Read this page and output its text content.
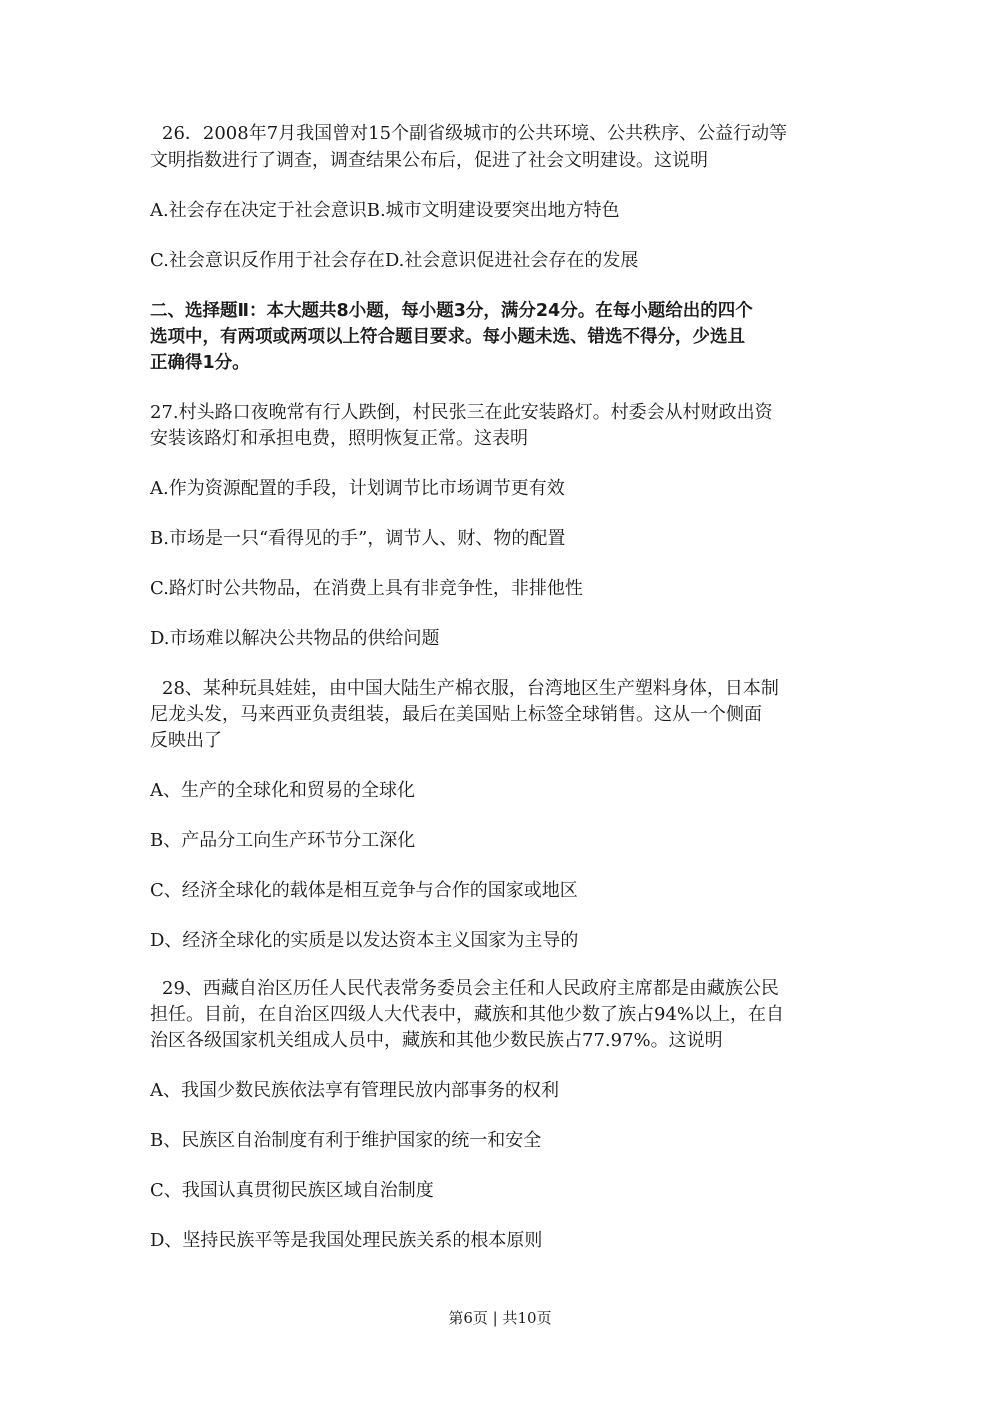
26．2008年7月我国曾对15个副省级城市的公共环境、公共秩序、公益行动等
文明指数进行了调查，调查结果公布后，促进了社会文明建设。这说明
A.社会存在决定于社会意识B.城市文明建设要突出地方特色
C.社会意识反作用于社会存在D.社会意识促进社会存在的发展
二、选择题Ⅱ：本大题共8小题，每小题3分，满分24分。在每小题给出的四个
选项中，有两项或两项以上符合题目要求。每小题未选、错选不得分，少选且
正确得1分。
27.村头路口夜晚常有行人跌倒，村民张三在此安装路灯。村委会从村财政出资
安装该路灯和承担电费，照明恢复正常。这表明
A.作为资源配置的手段，计划调节比市场调节更有效
B.市场是一只“看得见的手”，调节人、财、物的配置
C.路灯时公共物品，在消费上具有非竞争性，非排他性
D.市场难以解决公共物品的供给问题
28、某种玩具娃娃，由中国大陆生产棉衣服，台湾地区生产塑料身体，日本制
尼龙头发，马来西亚负责组装，最后在美国贴上标签全球销售。这从一个侧面
反映出了
A、生产的全球化和贸易的全球化
B、产品分工向生产环节分工深化
C、经济全球化的载体是相互竞争与合作的国家或地区
D、经济全球化的实质是以发达资本主义国家为主导的
29、西藏自治区历任人民代表常务委员会主任和人民政府主席都是由藏族公民
担任。目前，在自治区四级人大代表中，藏族和其他少数了族占94%以上，在自
治区各级国家机关组成人员中，藏族和其他少数民族占77.97%。这说明
A、我国少数民族依法享有管理民放内部事务的权利
B、民族区自治制度有利于维护国家的统一和安全
C、我国认真贯彻民族区域自治制度
D、坚持民族平等是我国处理民族关系的根本原则
第6页 | 共10页
